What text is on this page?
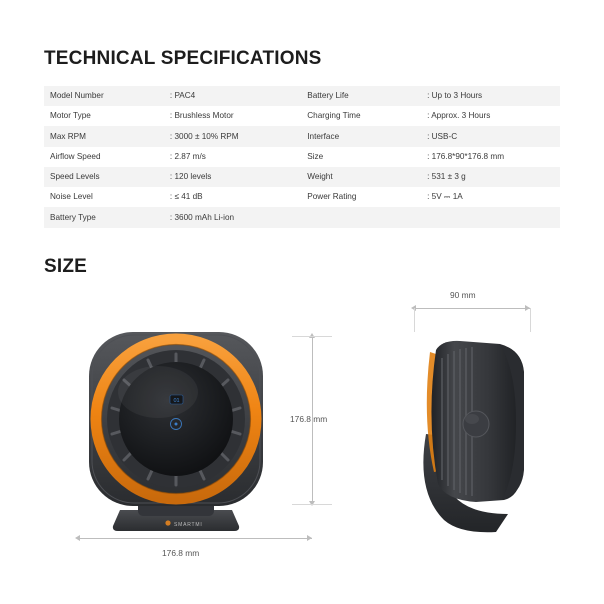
TECHNICAL SPECIFICATIONS
Model Number	: PAC4	Battery Life	: Up to 3 Hours
Motor Type	: Brushless Motor	Charging Time	: Approx. 3 Hours
Max RPM	: 3000 ± 10% RPM	Interface	: USB-C
Airflow Speed	: 2.87 m/s	Size	: 176.8*90*176.8 mm
Speed Levels	: 120 levels	Weight	: 531 ± 3 g
Noise Level	: ≤ 41 dB	Power Rating	: 5V ⎓ 1A
Battery Type	: 3600 mAh Li-ion		
SIZE
SMARTMI
01
176.8 mm
176.8 mm
90 mm
